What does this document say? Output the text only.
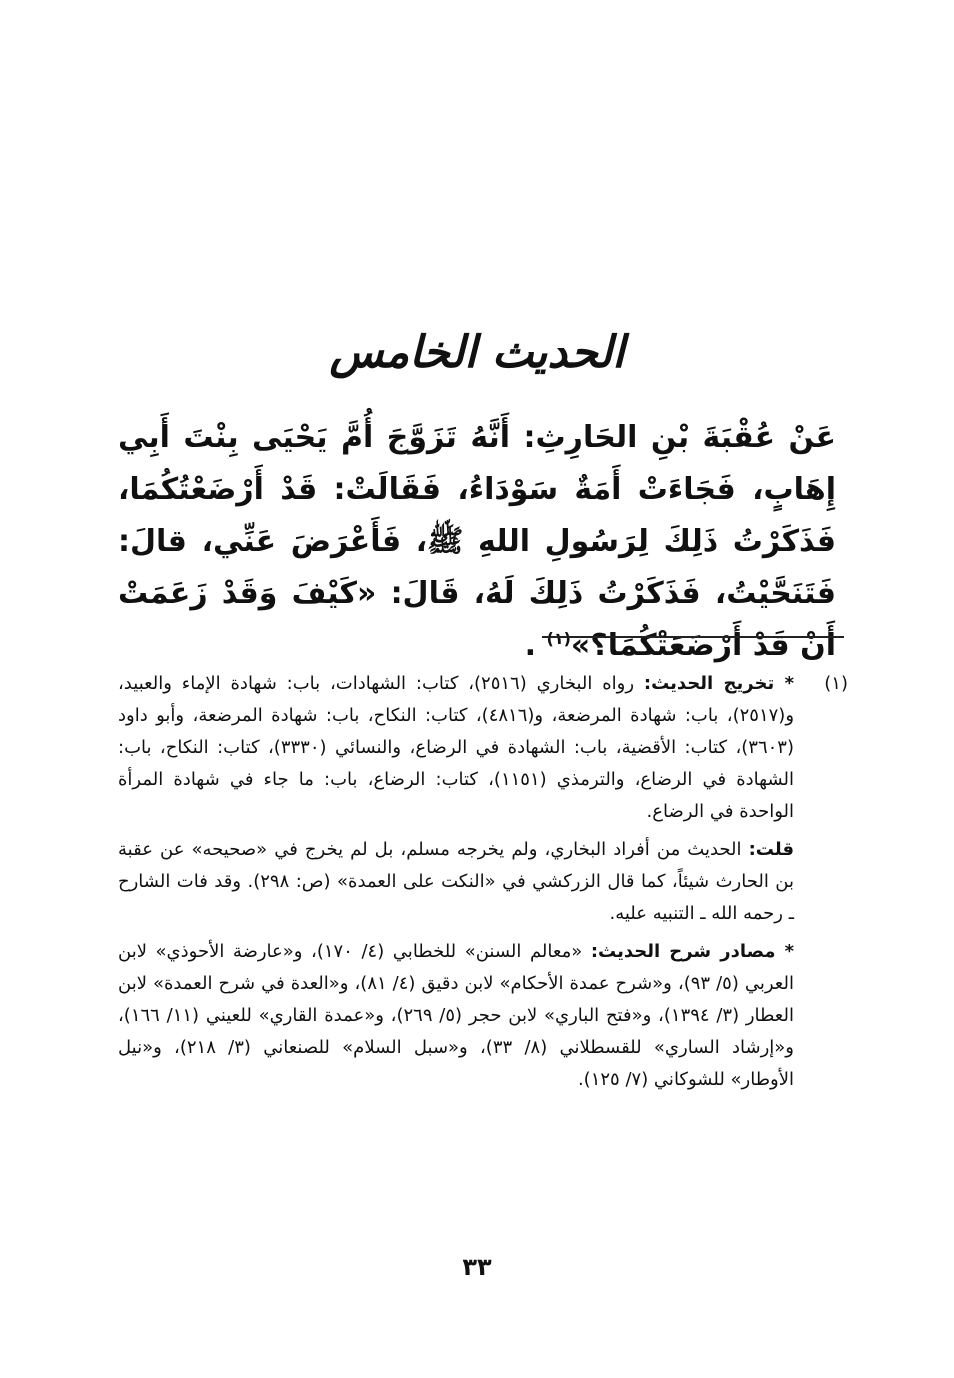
الحديث الخامس
عَنْ عُقْبَةَ بْنِ الحَارِثِ: أَنَّهُ تَزَوَّجَ أُمَّ يَحْيَى بِنْتَ أَبِي إِهَابٍ، فَجَاءَتْ أَمَةٌ سَوْدَاءُ، فَقَالَتْ: قَدْ أَرْضَعْتُكُمَا، فَذَكَرْتُ ذَلِكَ لِرَسُولِ اللهِ ﷺ، فَأَعْرَضَ عَنِّي، قالَ: فَتَنَحَّيْتُ، فَذَكَرْتُ ذَلِكَ لَهُ، قَالَ: «كَيْفَ وَقَدْ زَعَمَتْ أَنْ قَدْ أَرْضَعَتْكُمَا؟»$^{(١)}$ .
(١)

* تخريج الحديث: رواه البخاري (٢٥١٦)، كتاب: الشهادات، باب: شهادة الإماء والعبيد، و(٢٥١٧)، باب: شهادة المرضعة، و(٤٨١٦)، كتاب: النكاح، باب: شهادة المرضعة، وأبو داود (٣٦٠٣)، كتاب: الأقضية، باب: الشهادة في الرضاع، والنسائي (٣٣٣٠)، كتاب: النكاح، باب: الشهادة في الرضاع، والترمذي (١١٥١)، كتاب: الرضاع، باب: ما جاء في شهادة المرأة الواحدة في الرضاع.

قلت: الحديث من أفراد البخاري، ولم يخرجه مسلم، بل لم يخرج في «صحيحه» عن عقبة بن الحارث شيئاً، كما قال الزركشي في «النكت على العمدة» (ص: ٢٩٨). وقد فات الشارح ـ رحمه الله ـ التنبيه عليه.

* مصادر شرح الحديث: «معالم السنن» للخطابي (٤/ ١٧٠)، و«عارضة الأحوذي» لابن العربي (٥/ ٩٣)، و«شرح عمدة الأحكام» لابن دقيق (٤/ ٨١)، و«العدة في شرح العمدة» لابن العطار (٣/ ١٣٩٤)، و«فتح الباري» لابن حجر (٥/ ٢٦٩)، و«عمدة القاري» للعيني (١١/ ١٦٦)، و«إرشاد الساري» للقسطلاني (٨/ ٣٣)، و«سبل السلام» للصنعاني (٣/ ٢١٨)، و«نيل الأوطار» للشوكاني (٧/ ١٢٥).

٣٣
